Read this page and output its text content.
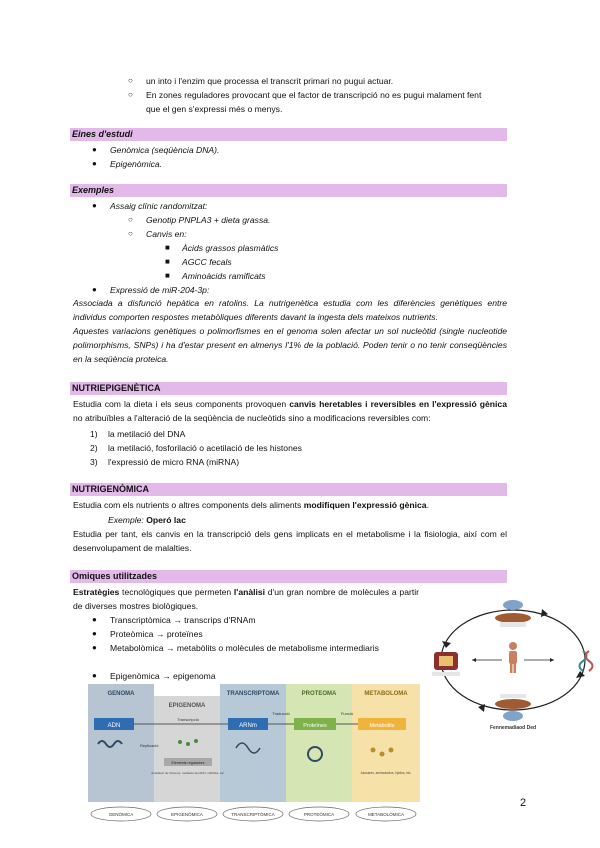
○ un into i l'enzim que processa el transcrit primari no pugui actuar.
○ En zones reguladores provocant que el factor de transcripció no es pugui malament fent
que el gen s'expressi més o menys.
Eines d'estudi
● Genòmica (seqüència DNA).
● Epigenòmica.
Exemples
● Assaig clínic randomitzat:
○ Genotip PNPLA3 + dieta grassa.
○ Canvis en:
■ Àcids grassos plasmàtics
■ AGCC fecals
■ Aminoàcids ramificats
● Expressió de miR-204-3p:
Associada a disfunció hepàtica en ratolins. La nutrigenètica estudia com les diferències genètiques entre individus comporten respostes metabòliques diferents davant la ingesta dels mateixos nutrients.
Aquestes variacions genètiques o polimorfismes en el genoma solen afectar un sol nucleòtid (single nucleotide polimorphisms, SNPs) i ha d'estar present en almenys l'1% de la població. Poden tenir o no tenir conseqüències en la seqüència proteica.
NUTRIEPIGENÈTICA
Estudia com la dieta i els seus components provoquen canvis heretables i reversibles en l'expressió gènica no atribuïbles a l'alteració de la seqüència de nucleòtids sino a modificacions reversibles com:
1) la metilació del DNA
2) la metilació, fosforilació o acetilació de les histones
3) l'expressió de micro RNA (miRNA)
NUTRIGENÒMICA
Estudia com els nutrients o altres components dels aliments modifiquen l'expressió gènica.
Exemple: Operó lac
Estudia per tant, els canvis en la transcripció dels gens implicats en el metabolisme i la fisiologia, així com el desenvolupament de malalties.
Omiques utilitzades
Estratègies tecnològiques que permeten l'anàlisi d'un gran nombre de molècules a partir de diverses mostres biològiques.
● Transcriptòmica → transcrips d'RNAm
● Proteòmica → proteïnes
● Metabolòmica → metabòlits o molècules de metabolisme intermediaris
● Epigenòmica → epigenoma
Fennemadiaod Ded
GENOMA
EPIGENOMA
TRANSCRIPTOMA	PROTEOMA	METABOLOMA
ADN
Transcripció
ARNm
Traducció
Proteïnes
Funció
Metabolits
Replicació
Elements reguladors
Acetilació de histones, metilació del ADN, miRNAs, etc.	Azúcares, aminoácidos, lípidos, etc.
GENÒMICA	EPIGENÒMICA	TRANSCRIPTÒMICA	PROTEÒMICA	METABOLÒMICA
2
